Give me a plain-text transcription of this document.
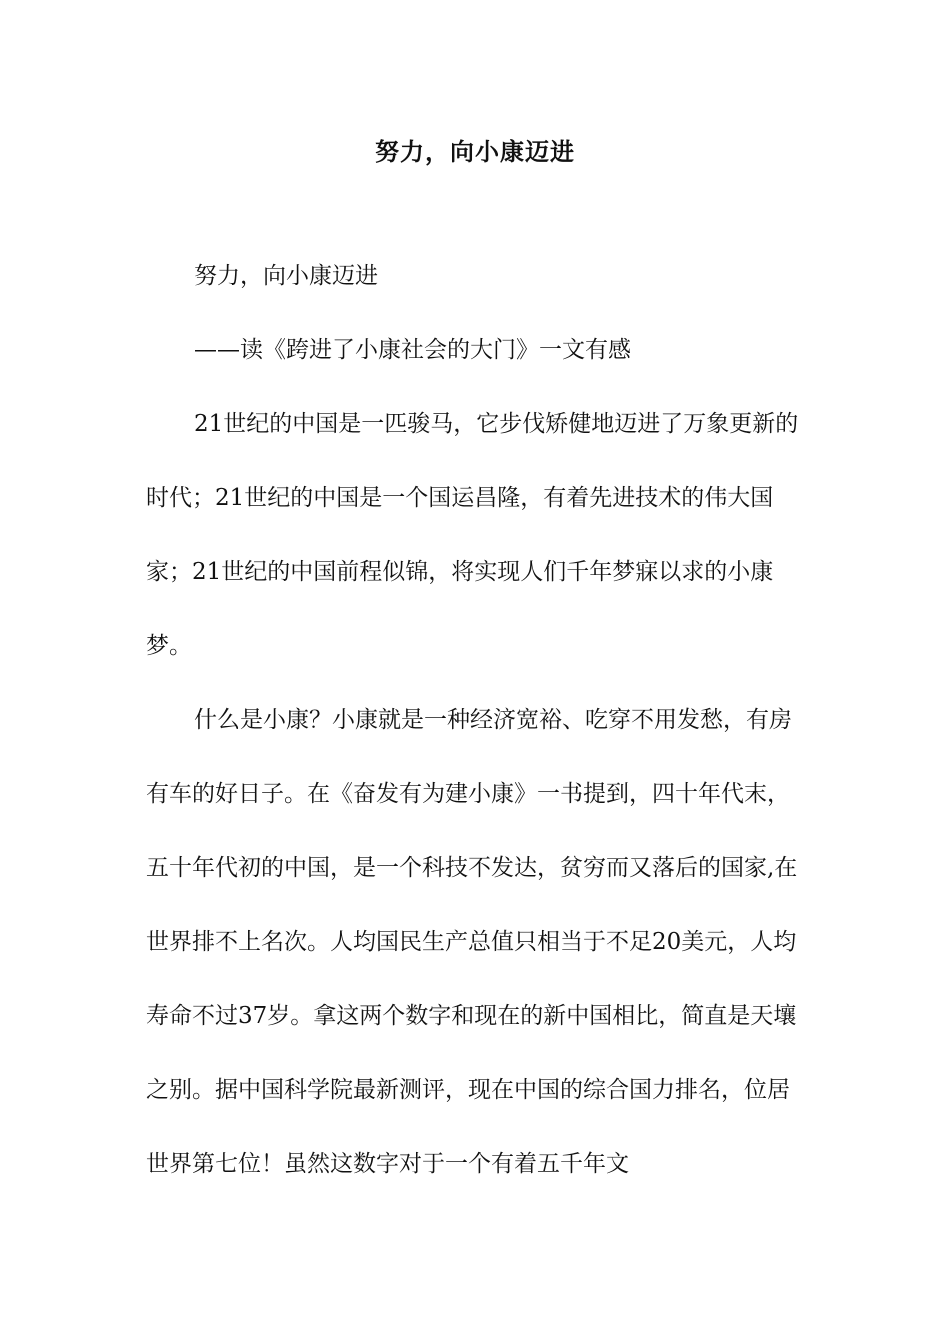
努力，向小康迈进

努力，向小康迈进

——读《跨进了小康社会的大门》一文有感

21世纪的中国是一匹骏马，它步伐矫健地迈进了万象更新的时代；21世纪的中国是一个国运昌隆，有着先进技术的伟大国家；21世纪的中国前程似锦，将实现人们千年梦寐以求的小康梦。

什么是小康？小康就是一种经济宽裕、吃穿不用发愁，有房有车的好日子。在《奋发有为建小康》一书提到，四十年代末，五十年代初的中国，是一个科技不发达，贫穷而又落后的国家,在世界排不上名次。人均国民生产总值只相当于不足20美元，人均寿命不过37岁。拿这两个数字和现在的新中国相比，简直是天壤之别。据中国科学院最新测评，现在中国的综合国力排名，位居世界第七位！虽然这数字对于一个有着五千年文
